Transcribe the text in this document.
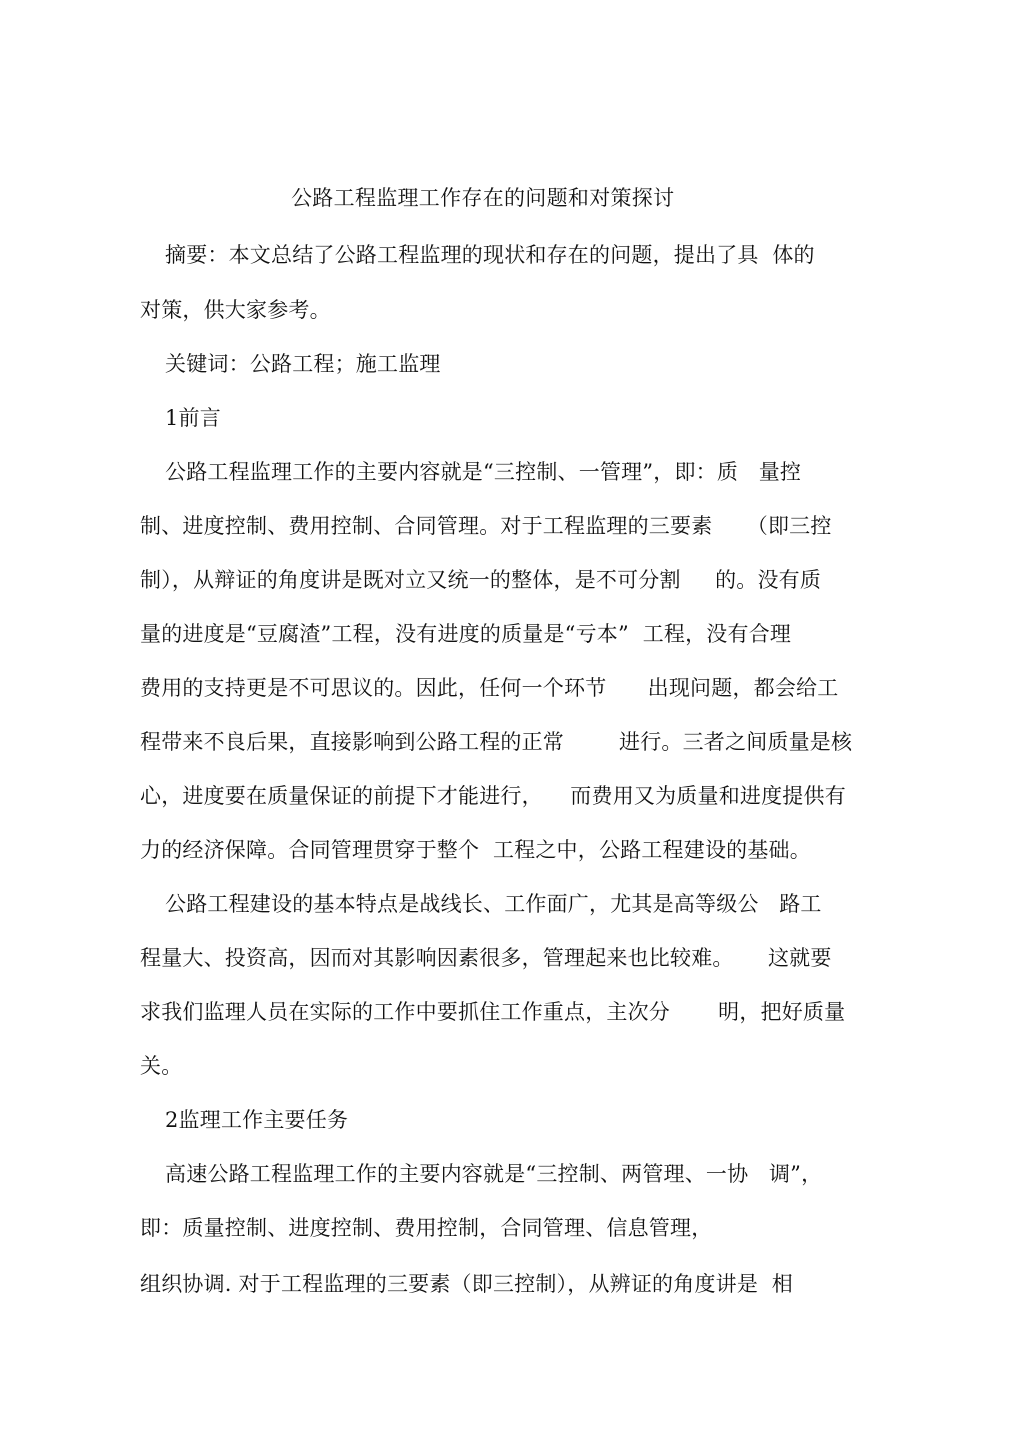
公路工程监理工作存在的问题和对策探讨
摘要：本文总结了公路工程监理的现状和存在的问题，提出了具  体的
对策，供大家参考。
关键词：公路工程；施工监理
1前言
公路工程监理工作的主要内容就是“三控制、一管理”，即：质   量控
制、进度控制、费用控制、合同管理。对于工程监理的三要素     （即三控
制），从辩证的角度讲是既对立又统一的整体，是不可分割     的。没有质
量的进度是“豆腐渣”工程，没有进度的质量是“亏本”  工程，没有合理
费用的支持更是不可思议的。因此，任何一个环节      出现问题，都会给工
程带来不良后果，直接影响到公路工程的正常        进行。三者之间质量是核
心，进度要在质量保证的前提下才能进行，    而费用又为质量和进度提供有
力的经济保障。合同管理贯穿于整个  工程之中，公路工程建设的基础。
公路工程建设的基本特点是战线长、工作面广，尤其是高等级公   路工
程量大、投资高，因而对其影响因素很多，管理起来也比较难。     这就要
求我们监理人员在实际的工作中要抓住工作重点，主次分       明，把好质量
关。
2监理工作主要任务
高速公路工程监理工作的主要内容就是“三控制、两管理、一协   调”，
即：质量控制、进度控制、费用控制，合同管理、信息管理，
组织协调. 对于工程监理的三要素（即三控制），从辨证的角度讲是  相
